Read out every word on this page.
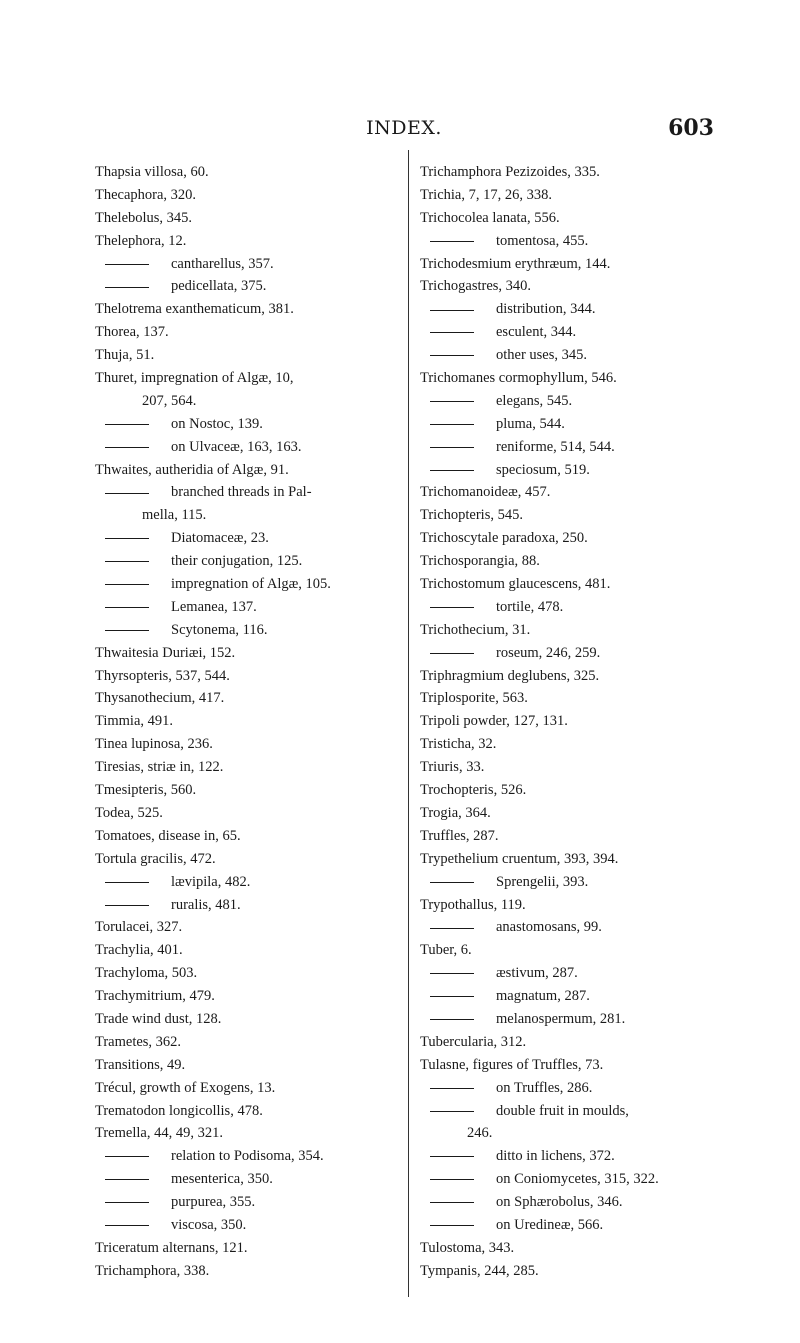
INDEX.	603
Thapsia villosa, 60.
Thecaphora, 320.
Thelebolus, 345.
Thelephora, 12.
cantharellus, 357.
pedicellata, 375.
Thelotrema exanthematicum, 381.
Thorea, 137.
Thuja, 51.
Thuret, impregnation of Algæ, 10,
207, 564.
on Nostoc, 139.
on Ulvaceæ, 163, 163.
Thwaites, autheridia of Algæ, 91.
branched threads in Pal-
mella, 115.
Diatomaceæ, 23.
their conjugation, 125.
impregnation of Algæ, 105.
Lemanea, 137.
Scytonema, 116.
Thwaitesia Duriæi, 152.
Thyrsopteris, 537, 544.
Thysanothecium, 417.
Timmia, 491.
Tinea lupinosa, 236.
Tiresias, striæ in, 122.
Tmesipteris, 560.
Todea, 525.
Tomatoes, disease in, 65.
Tortula gracilis, 472.
lævipila, 482.
ruralis, 481.
Torulacei, 327.
Trachylia, 401.
Trachyloma, 503.
Trachymitrium, 479.
Trade wind dust, 128.
Trametes, 362.
Transitions, 49.
Trécul, growth of Exogens, 13.
Trematodon longicollis, 478.
Tremella, 44, 49, 321.
relation to Podisoma, 354.
mesenterica, 350.
purpurea, 355.
viscosa, 350.
Triceratum alternans, 121.
Trichamphora, 338.
Trichamphora Pezizoides, 335.
Trichia, 7, 17, 26, 338.
Trichocolea lanata, 556.
tomentosa, 455.
Trichodesmium erythræum, 144.
Trichogastres, 340.
distribution, 344.
esculent, 344.
other uses, 345.
Trichomanes cormophyllum, 546.
elegans, 545.
pluma, 544.
reniforme, 514, 544.
speciosum, 519.
Trichomanoideæ, 457.
Trichopteris, 545.
Trichoscytale paradoxa, 250.
Trichosporangia, 88.
Trichostomum glaucescens, 481.
tortile, 478.
Trichothecium, 31.
roseum, 246, 259.
Triphragmium deglubens, 325.
Triplosporite, 563.
Tripoli powder, 127, 131.
Tristicha, 32.
Triuris, 33.
Trochopteris, 526.
Trogia, 364.
Truffles, 287.
Trypethelium cruentum, 393, 394.
Sprengelii, 393.
Trypothallus, 119.
anastomosans, 99.
Tuber, 6.
æstivum, 287.
magnatum, 287.
melanospermum, 281.
Tubercularia, 312.
Tulasne, figures of Truffles, 73.
on Truffles, 286.
double fruit in moulds,
246.
ditto in lichens, 372.
on Coniomycetes, 315, 322.
on Sphærobolus, 346.
on Uredineæ, 566.
Tulostoma, 343.
Tympanis, 244, 285.
